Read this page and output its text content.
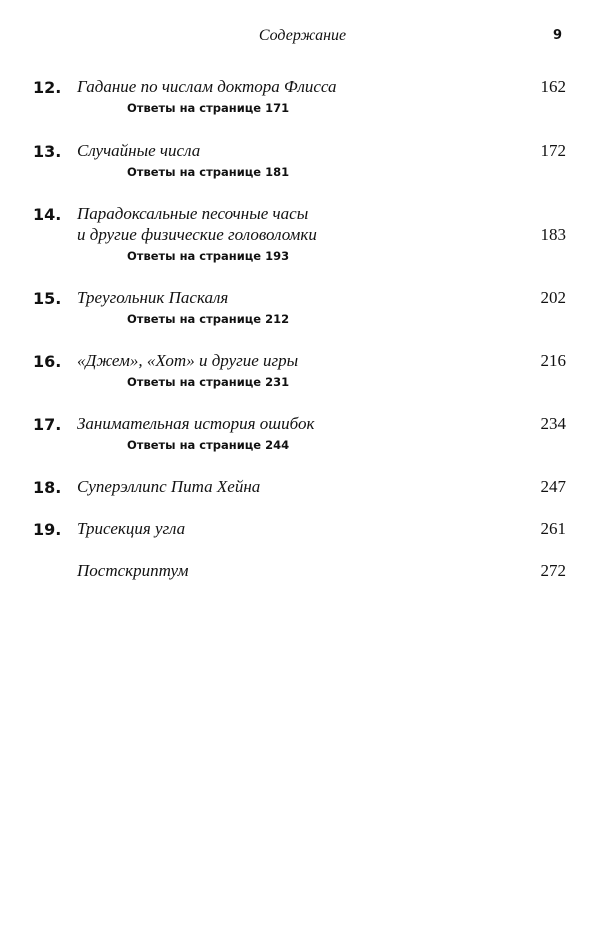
Содержание	9
12. Гадание по числам доктора Флисса	162
Ответы на странице 171
13. Случайные числа	172
Ответы на странице 181
14. Парадоксальные песочные часы
и другие физические головоломки	183
Ответы на странице 193
15. Треугольник Паскаля	202
Ответы на странице 212
16. «Джем», «Хот» и другие игры	216
Ответы на странице 231
17. Занимательная история ошибок	234
Ответы на странице 244
18. Суперэллипс Пита Хейна	247
19. Трисекция угла	261
Постскриптум	272
